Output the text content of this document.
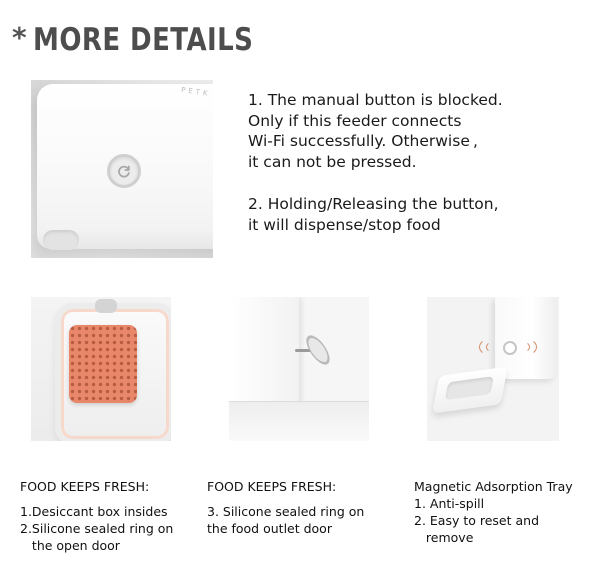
* MORE DETAILS
PETK 1. The manual button is blocked.
Only if this feeder connects
Wi-Fi successfully. Otherwise ,
it can not be pressed.

2. Holding/Releasing the button,
it will dispense/stop food

FOOD KEEPS FRESH:
1.Desiccant box insides
2.Silicone sealed ring on
the open door
FOOD KEEPS FRESH:
3. Silicone sealed ring on
the food outlet door
Magnetic Adsorption Tray
1. Anti-spill
2. Easy to reset and
remove
